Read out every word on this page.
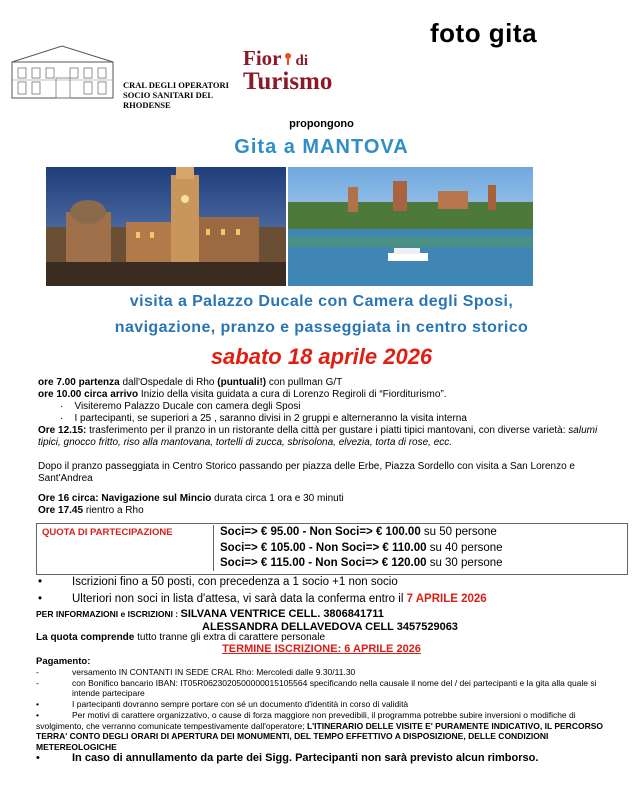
foto gita
CRAL DEGLI OPERATORI
SOCIO SANITARI DEL
RHODENSE
Fior di
Turismo
propongono
Gita a MANTOVA
visita a Palazzo Ducale con Camera degli Sposi,
navigazione, pranzo e passeggiata in centro storico
sabato 18 aprile 2026
ore 7.00 partenza dall'Ospedale di Rho (puntuali!) con pullman G/T
ore 10.00 circa arrivo Inizio della visita guidata a cura di Lorenzo Regiroli di “Fiorditurismo”.
·    Visiteremo Palazzo Ducale con camera degli Sposi
·    I partecipanti, se superiori a 25 , saranno divisi in 2 gruppi e alterneranno la visita interna
Ore 12.15: trasferimento per il pranzo in un ristorante della città per gustare i piatti tipici mantovani, con diverse varietà: salumi tipici, gnocco fritto, riso alla mantovana, tortelli di zucca, sbrisolona, elvezia, torta di rose, ecc.
Dopo il pranzo passeggiata in Centro Storico passando per piazza delle Erbe, Piazza Sordello con visita a San Lorenzo e Sant'Andrea
Ore 16 circa: Navigazione sul Mincio durata circa 1 ora e 30 minuti
Ore 17.45 rientro a Rho
QUOTA DI PARTECIPAZIONE	Soci=> € 95.00 - Non Soci=> € 100.00 su 50 persone
Soci=> € 105.00 - Non Soci=> € 110.00 su 40 persone
Soci=> € 115.00 - Non Soci=> € 120.00 su 30 persone
•	Iscrizioni fino a 50 posti, con precedenza a 1 socio +1 non socio
•	Ulteriori non soci in lista d'attesa, vi sarà data la conferma entro il 7 APRILE 2026
PER INFORMAZIONI e ISCRIZIONI : SILVANA VENTRICE CELL. 3806841711
ALESSANDRA DELLAVEDOVA CELL 3457529063
La quota comprende tutto tranne gli extra di carattere personale
TERMINE ISCRIZIONE: 6 APRILE 2026
Pagamento:
-	versamento IN CONTANTI IN SEDE CRAL Rho: Mercoledi dalle 9.30/11.30
-	con Bonifico bancario IBAN: IT05R0623020500000015105564 specificando nella causale il nome del / dei partecipanti e la gita alla quale si intende partecipare
•	I partecipanti dovranno sempre portare con sé un documento d'identità in corso di validità
•	Per motivi di carattere organizzativo, o cause di forza maggiore non prevedibili, il programma potrebbe subire inversioni o modifiche di svolgimento, che verranno comunicate tempestivamente dall'operatore; L'ITINERARIO DELLE VISITE E' PURAMENTE INDICATIVO, IL PERCORSO TERRA' CONTO DEGLI ORARI DI APERTURA DEI MONUMENTI, DEL TEMPO EFFETTIVO A DISPOSIZIONE, DELLE CONDIZIONI METEREOLOGICHE
•	In caso di annullamento da parte dei Sigg. Partecipanti non sarà previsto alcun rimborso.
